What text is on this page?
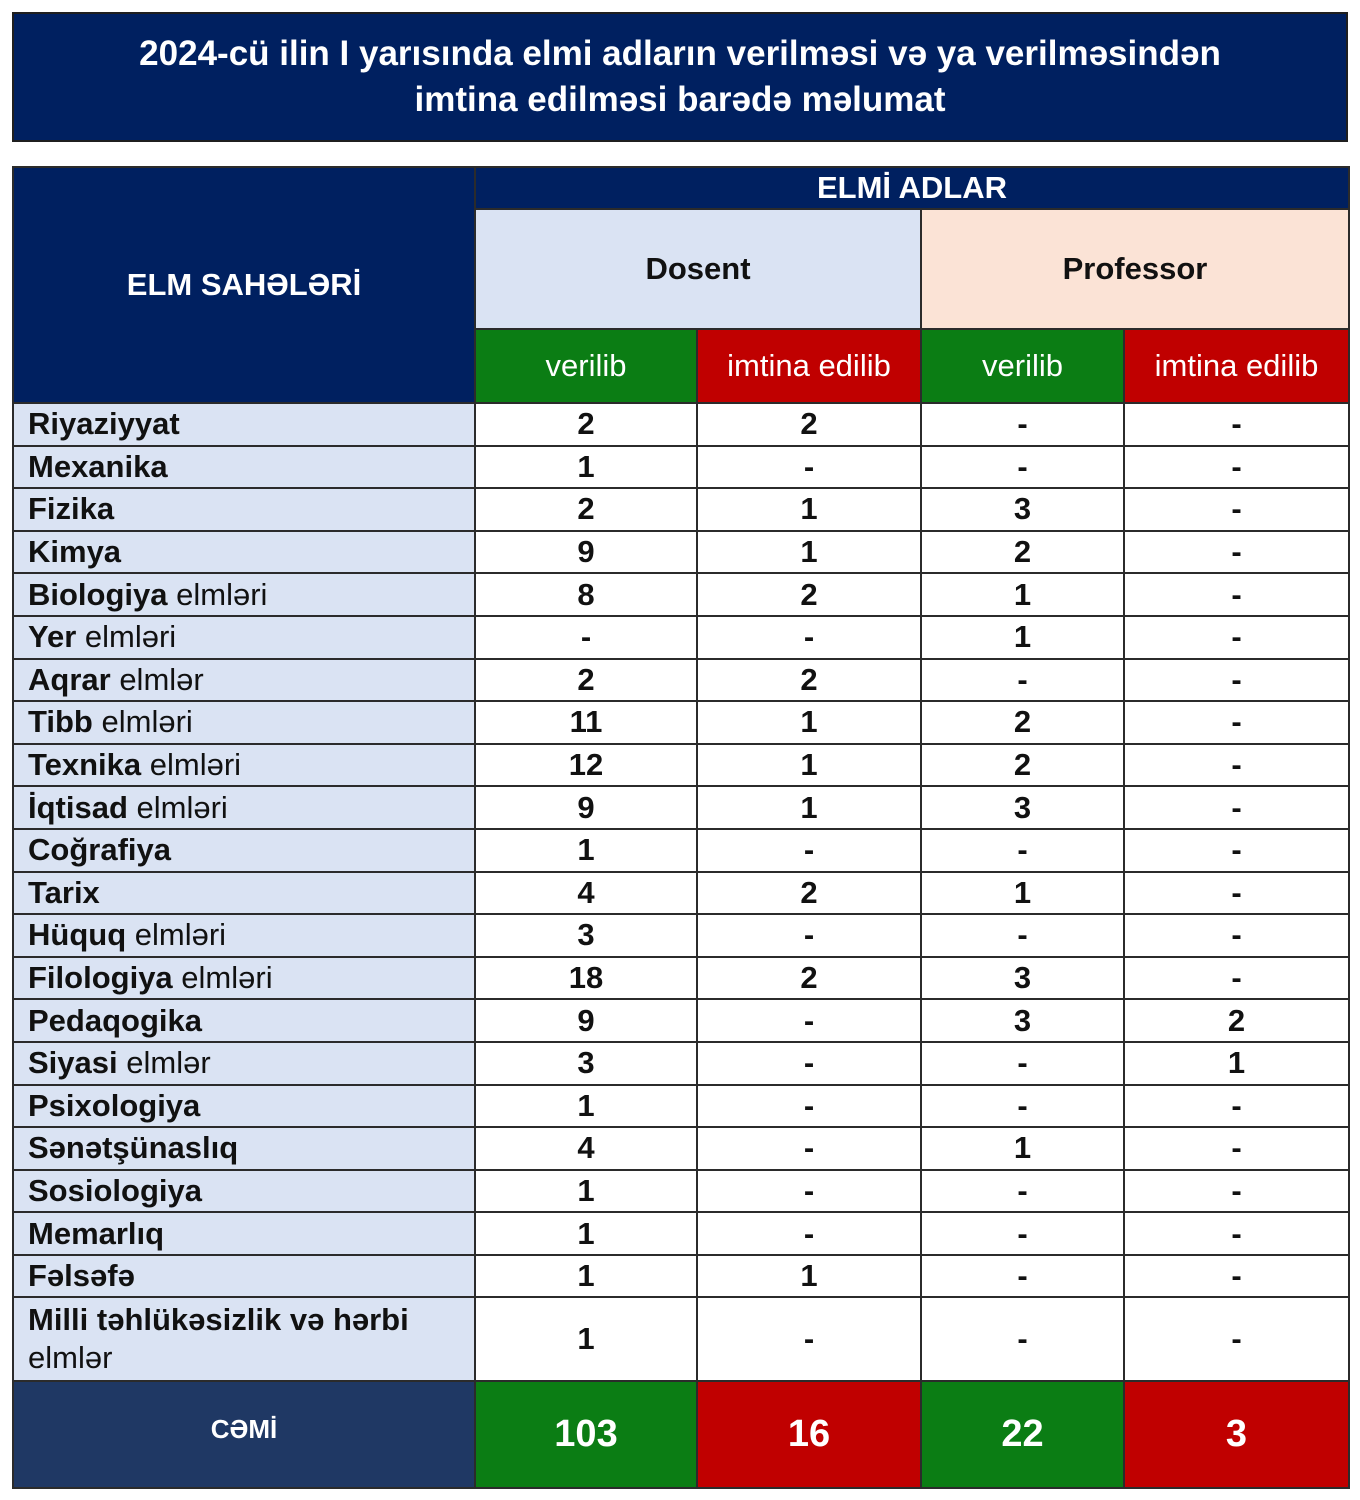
2024-cü ilin I yarısında elmi adların verilməsi və ya verilməsindən
imtina edilməsi barədə məlumat
ELM SAHƏLƏRİ	ELMİ ADLAR			
	Dosent		Professor	
	verilib	imtina edilib	verilib	imtina edilib
Riyaziyyat	2	2	-	-
Mexanika	1	-	-	-
Fizika	2	1	3	-
Kimya	9	1	2	-
Biologiya elmləri	8	2	1	-
Yer elmləri	-	-	1	-
Aqrar elmlər	2	2	-	-
Tibb elmləri	11	1	2	-
Texnika elmləri	12	1	2	-
İqtisad elmləri	9	1	3	-
Coğrafiya	1	-	-	-
Tarix	4	2	1	-
Hüquq elmləri	3	-	-	-
Filologiya elmləri	18	2	3	-
Pedaqogika	9	-	3	2
Siyasi elmlər	3	-	-	1
Psixologiya	1	-	-	-
Sənətşünaslıq	4	-	1	-
Sosiologiya	1	-	-	-
Memarlıq	1	-	-	-
Fəlsəfə	1	1	-	-
Milli təhlükəsizlik və hərbi elmlər	1	-	-	-
CƏMİ	103	16	22	3
